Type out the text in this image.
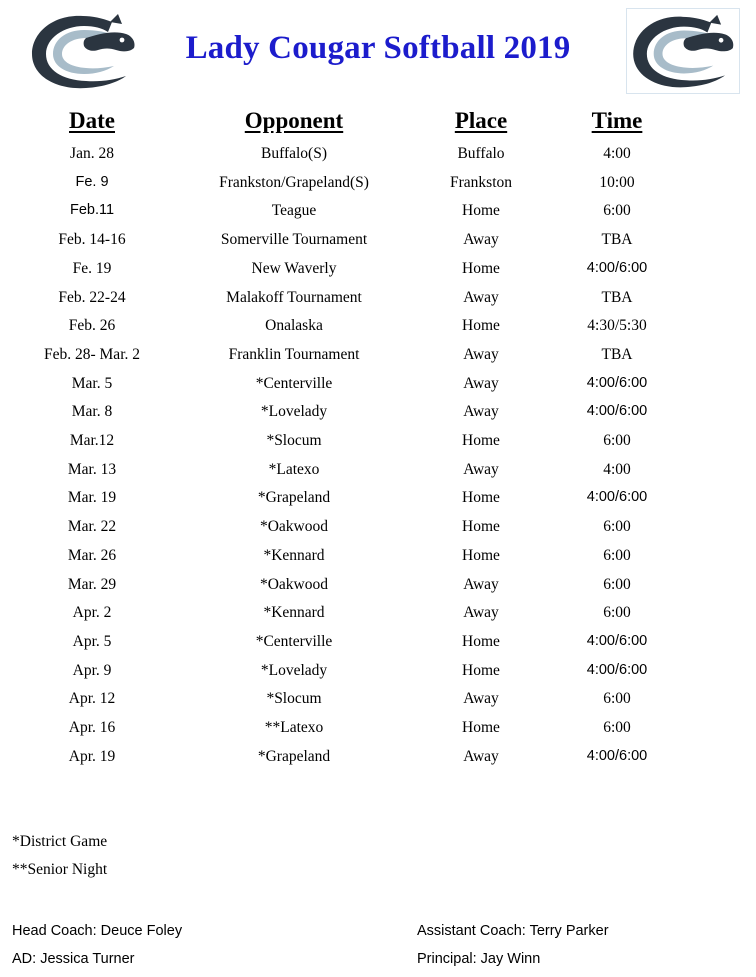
Lady Cougar Softball 2019
Date	Opponent	Place	Time
Jan. 28	Buffalo(S)	Buffalo	4:00
Fe. 9	Frankston/Grapeland(S)	Frankston	10:00
Feb.11	Teague	Home	6:00
Feb. 14-16	Somerville Tournament	Away	TBA
Fe. 19	New Waverly	Home	4:00/6:00
Feb. 22-24	Malakoff Tournament	Away	TBA
Feb. 26	Onalaska	Home	4:30/5:30
Feb. 28- Mar. 2	Franklin Tournament	Away	TBA
Mar. 5	*Centerville	Away	4:00/6:00
Mar. 8	*Lovelady	Away	4:00/6:00
Mar.12	*Slocum	Home	6:00
Mar. 13	*Latexo	Away	4:00
Mar. 19	*Grapeland	Home	4:00/6:00
Mar. 22	*Oakwood	Home	6:00
Mar. 26	*Kennard	Home	6:00
Mar. 29	*Oakwood	Away	6:00
Apr. 2	*Kennard	Away	6:00
Apr. 5	*Centerville	Home	4:00/6:00
Apr. 9	*Lovelady	Home	4:00/6:00
Apr. 12	*Slocum	Away	6:00
Apr. 16	**Latexo	Home	6:00
Apr. 19	*Grapeland	Away	4:00/6:00
*District Game
**Senior Night
Head Coach: Deuce Foley	Assistant Coach: Terry Parker
AD: Jessica Turner	Principal: Jay Winn
